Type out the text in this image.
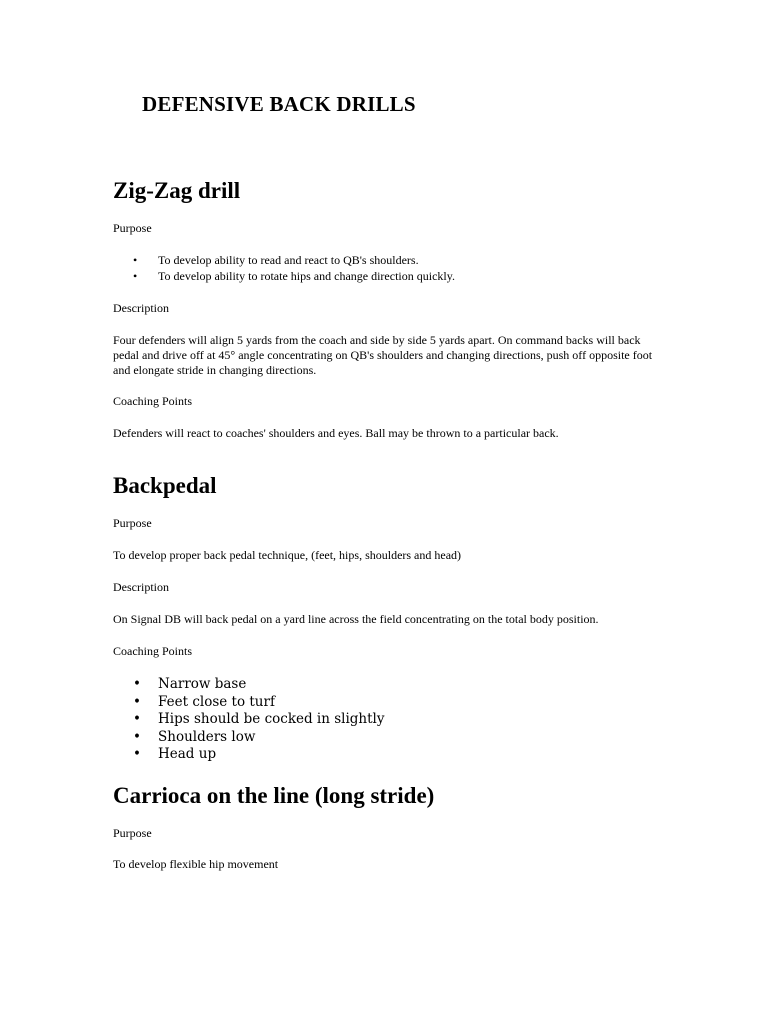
DEFENSIVE BACK DRILLS
Zig-Zag drill

Purpose

• To develop ability to read and react to QB's shoulders.
• To develop ability to rotate hips and change direction quickly.

Description

Four defenders will align 5 yards from the coach and side by side 5 yards apart. On command backs will back pedal and drive off at 45° angle concentrating on QB's shoulders and changing directions, push off opposite foot and elongate stride in changing directions.

Coaching Points

Defenders will react to coaches' shoulders and eyes. Ball may be thrown to a particular back.

Backpedal

Purpose

To develop proper back pedal technique, (feet, hips, shoulders and head)

Description

On Signal DB will back pedal on a yard line across the field concentrating on the total body position.

Coaching Points

• Narrow base
• Feet close to turf
• Hips should be cocked in slightly
• Shoulders low
• Head up
Carrioca on the line (long stride)

Purpose

To develop flexible hip movement
